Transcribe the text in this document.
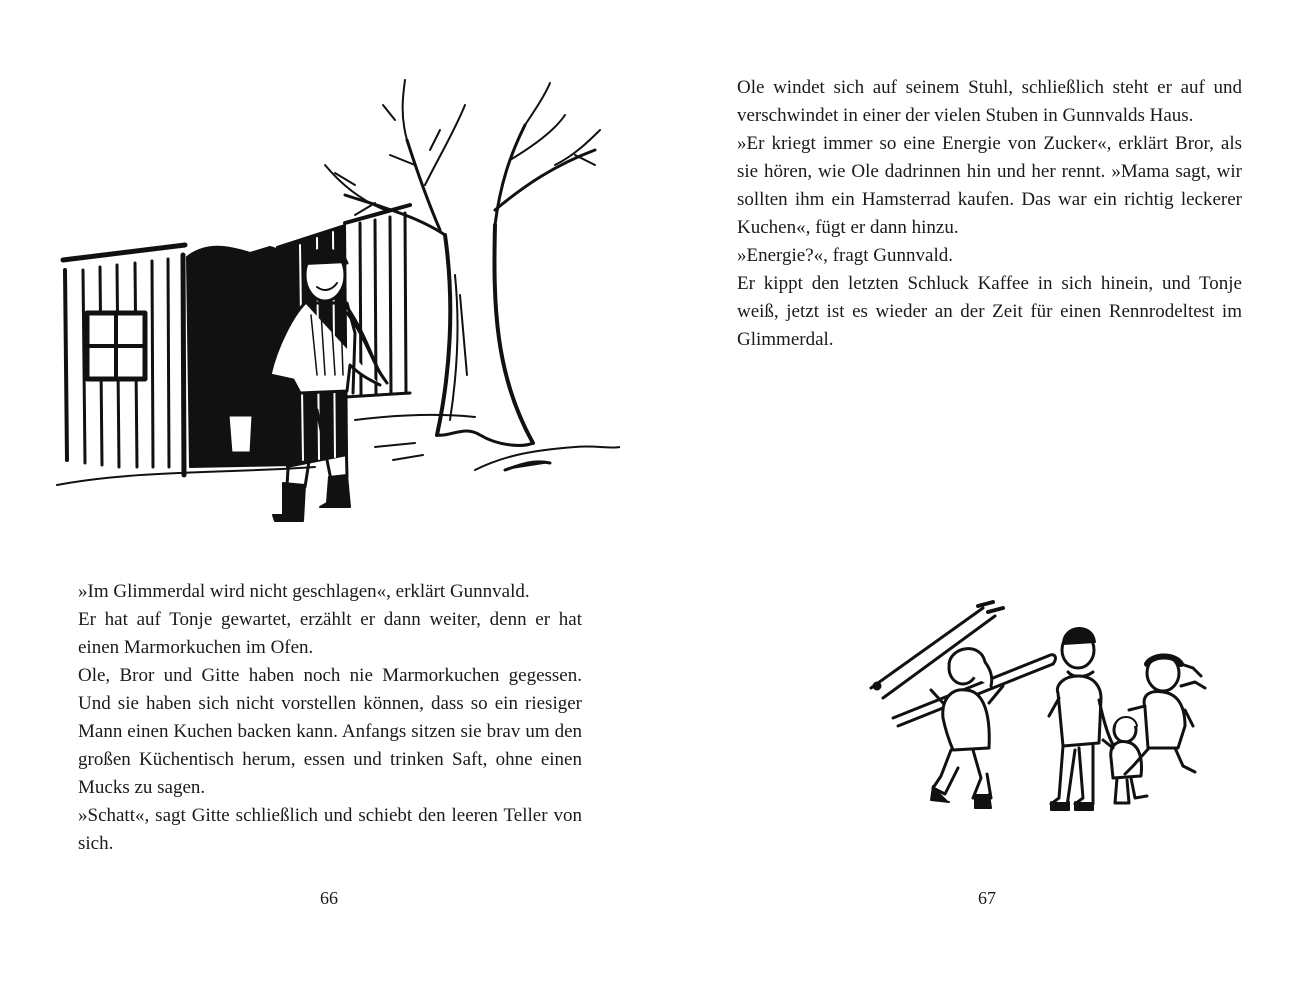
»Im Glimmerdal wird nicht geschlagen«, erklärt Gunnvald.

Er hat auf Tonje gewartet, erzählt er dann weiter, denn er hat einen Marmorkuchen im Ofen.

Ole, Bror und Gitte haben noch nie Marmorkuchen gegessen. Und sie haben sich nicht vorstellen können, dass so ein riesiger Mann einen Kuchen backen kann. Anfangs sitzen sie brav um den großen Küchentisch herum, essen und trinken Saft, ohne einen Mucks zu sagen.

»Schatt«, sagt Gitte schließlich und schiebt den leeren Teller von sich.

66

Ole windet sich auf seinem Stuhl, schließlich steht er auf und verschwindet in einer der vielen Stuben in Gunnvalds Haus.

»Er kriegt immer so eine Energie von Zucker«, erklärt Bror, als sie hören, wie Ole dadrinnen hin und her rennt. »Mama sagt, wir sollten ihm ein Hamsterrad kaufen. Das war ein richtig leckerer Kuchen«, fügt er dann hinzu.

»Energie?«, fragt Gunnvald.

Er kippt den letzten Schluck Kaffee in sich hinein, und Tonje weiß, jetzt ist es wieder an der Zeit für einen Rennrodeltest im Glimmerdal.

67
